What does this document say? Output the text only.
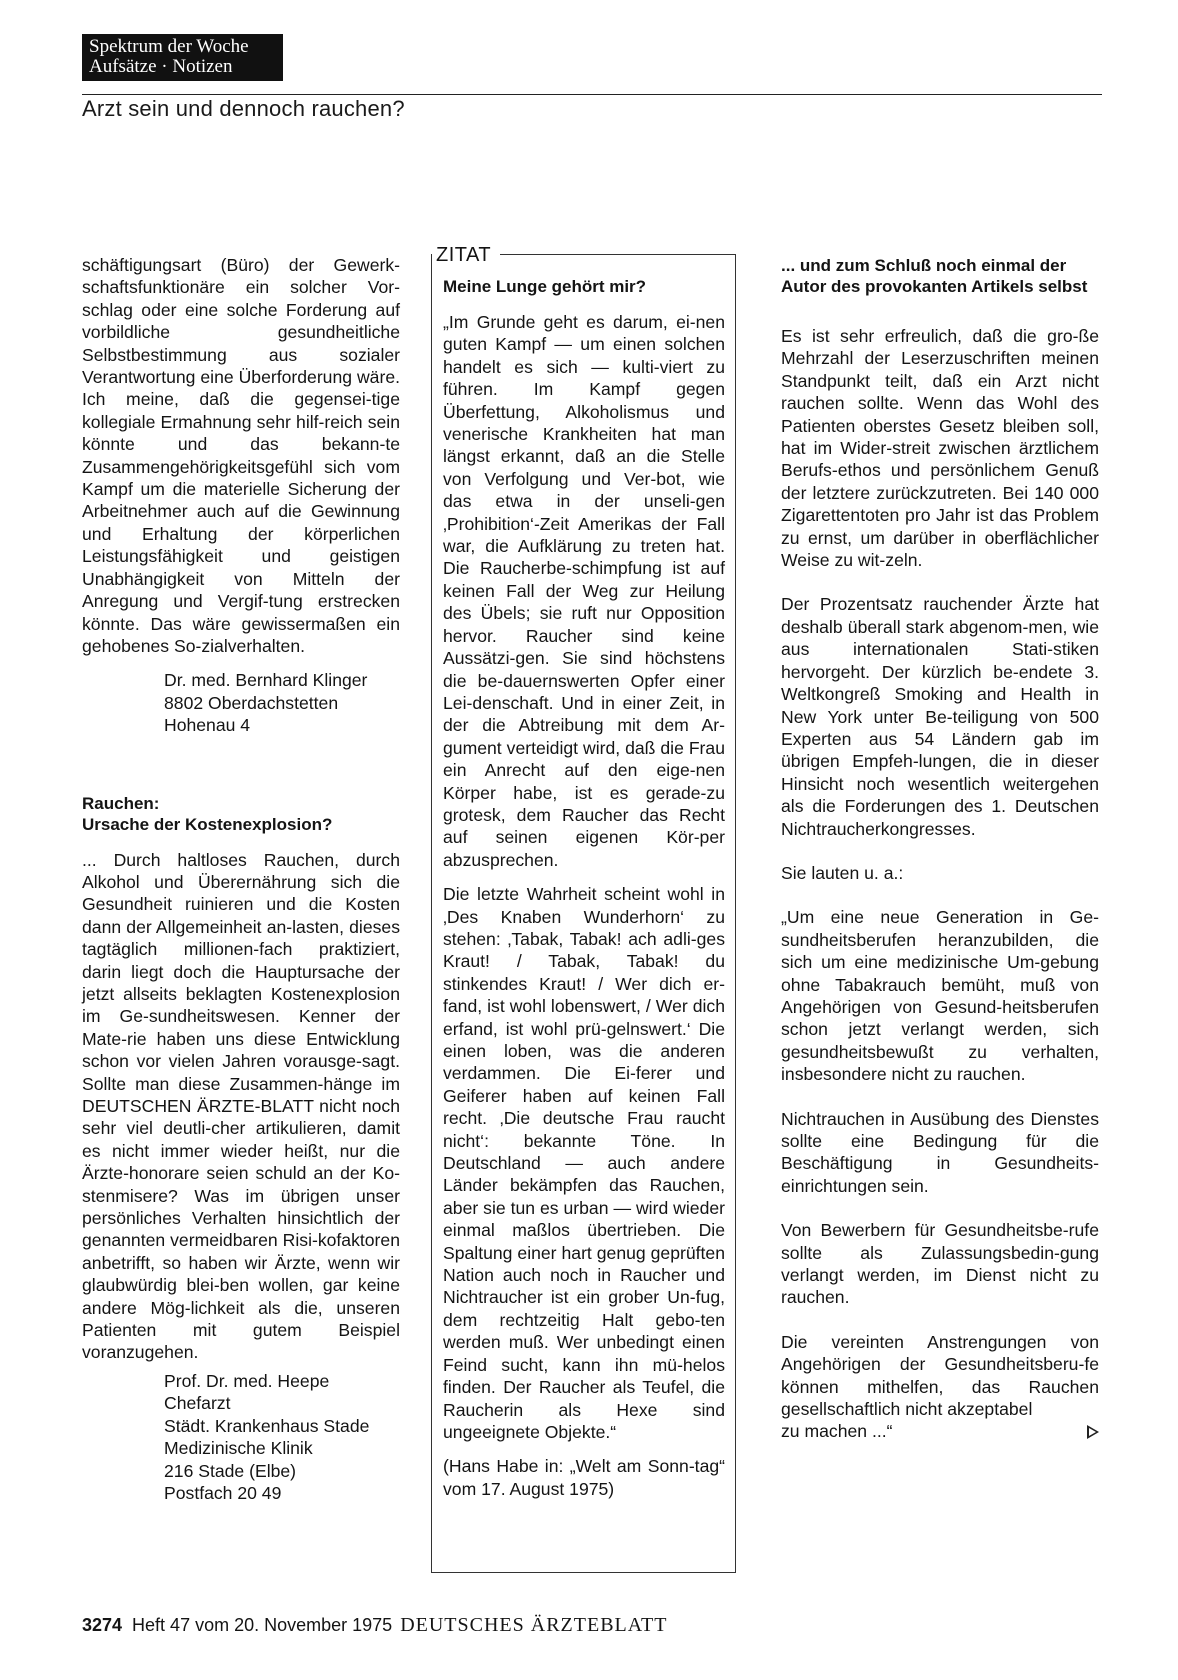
Spektrum der Woche
Aufsätze · Notizen
Arzt sein und dennoch rauchen?

schäftigungsart (Büro) der Gewerk-schaftsfunktionäre ein solcher Vor-schlag oder eine solche Forderung auf vorbildliche gesundheitliche Selbstbestimmung aus sozialer Verantwortung eine Überforderung wäre. Ich meine, daß die gegensei-tige kollegiale Ermahnung sehr hilf-reich sein könnte und das bekann-te Zusammengehörigkeitsgefühl sich vom Kampf um die materielle Sicherung der Arbeitnehmer auch auf die Gewinnung und Erhaltung der körperlichen Leistungsfähigkeit und geistigen Unabhängigkeit von Mitteln der Anregung und Vergif-tung erstrecken könnte. Das wäre gewissermaßen ein gehobenes So-zialverhalten.

Dr. med. Bernhard Klinger
8802 Oberdachstetten
Hohenau 4
Rauchen:
Ursache der Kostenexplosion?

... Durch haltloses Rauchen, durch Alkohol und Überernährung sich die Gesundheit ruinieren und die Kosten dann der Allgemeinheit an-lasten, dieses tagtäglich millionen-fach praktiziert, darin liegt doch die Hauptursache der jetzt allseits beklagten Kostenexplosion im Ge-sundheitswesen. Kenner der Mate-rie haben uns diese Entwicklung schon vor vielen Jahren vorausge-sagt. Sollte man diese Zusammen-hänge im DEUTSCHEN ÄRZTE-BLATT nicht noch sehr viel deutli-cher artikulieren, damit es nicht immer wieder heißt, nur die Ärzte-honorare seien schuld an der Ko-stenmisere? Was im übrigen unser persönliches Verhalten hinsichtlich der genannten vermeidbaren Risi-kofaktoren anbetrifft, so haben wir Ärzte, wenn wir glaubwürdig blei-ben wollen, gar keine andere Mög-lichkeit als die, unseren Patienten mit gutem Beispiel voranzugehen.

Prof. Dr. med. Heepe
Chefarzt
Städt. Krankenhaus Stade
Medizinische Klinik
216 Stade (Elbe)
Postfach 20 49
ZITAT
Meine Lunge gehört mir?

„Im Grunde geht es darum, ei-nen guten Kampf — um einen solchen handelt es sich — kulti-viert zu führen. Im Kampf gegen Überfettung, Alkoholismus und venerische Krankheiten hat man längst erkannt, daß an die Stelle von Verfolgung und Ver-bot, wie das etwa in der unseli-gen ‚Prohibition‘-Zeit Amerikas der Fall war, die Aufklärung zu treten hat. Die Raucherbe-schimpfung ist auf keinen Fall der Weg zur Heilung des Übels; sie ruft nur Opposition hervor. Raucher sind keine Aussätzi-gen. Sie sind höchstens die be-dauernswerten Opfer einer Lei-denschaft. Und in einer Zeit, in der die Abtreibung mit dem Ar-gument verteidigt wird, daß die Frau ein Anrecht auf den eige-nen Körper habe, ist es gerade-zu grotesk, dem Raucher das Recht auf seinen eigenen Kör-per abzusprechen.

Die letzte Wahrheit scheint wohl in ‚Des Knaben Wunderhorn‘ zu stehen: ‚Tabak, Tabak! ach adli-ges Kraut! / Tabak, Tabak! du stinkendes Kraut! / Wer dich er-fand, ist wohl lobenswert, / Wer dich erfand, ist wohl prü-gelnswert.‘ Die einen loben, was die anderen verdammen. Die Ei-ferer und Geiferer haben auf keinen Fall recht. ‚Die deutsche Frau raucht nicht‘: bekannte Töne. In Deutschland — auch andere Länder bekämpfen das Rauchen, aber sie tun es urban — wird wieder einmal maßlos übertrieben. Die Spaltung einer hart genug geprüften Nation auch noch in Raucher und Nichtraucher ist ein grober Un-fug, dem rechtzeitig Halt gebo-ten werden muß. Wer unbedingt einen Feind sucht, kann ihn mü-helos finden. Der Raucher als Teufel, die Raucherin als Hexe sind ungeeignete Objekte.“

(Hans Habe in: „Welt am Sonn-tag“ vom 17. August 1975)

... und zum Schluß noch einmal der Autor des provokanten Artikels selbst

Es ist sehr erfreulich, daß die gro-ße Mehrzahl der Leserzuschriften meinen Standpunkt teilt, daß ein Arzt nicht rauchen sollte. Wenn das Wohl des Patienten oberstes Gesetz bleiben soll, hat im Wider-streit zwischen ärztlichem Berufs-ethos und persönlichem Genuß der letztere zurückzutreten. Bei 140 000 Zigarettentoten pro Jahr ist das Problem zu ernst, um darüber in oberflächlicher Weise zu wit-zeln.

Der Prozentsatz rauchender Ärzte hat deshalb überall stark abgenom-men, wie aus internationalen Stati-stiken hervorgeht. Der kürzlich be-endete 3. Weltkongreß Smoking and Health in New York unter Be-teiligung von 500 Experten aus 54 Ländern gab im übrigen Empfeh-lungen, die in dieser Hinsicht noch wesentlich weitergehen als die Forderungen des 1. Deutschen Nichtraucherkongresses.

Sie lauten u. a.:

„Um eine neue Generation in Ge-sundheitsberufen heranzubilden, die sich um eine medizinische Um-gebung ohne Tabakrauch bemüht, muß von Angehörigen von Gesund-heitsberufen schon jetzt verlangt werden, sich gesundheitsbewußt zu verhalten, insbesondere nicht zu rauchen.

Nichtrauchen in Ausübung des Dienstes sollte eine Bedingung für die Beschäftigung in Gesundheits-einrichtungen sein.

Von Bewerbern für Gesundheitsbe-rufe sollte als Zulassungsbedin-gung verlangt werden, im Dienst nicht zu rauchen.

Die vereinten Anstrengungen von Angehörigen der Gesundheitsberu-fe können mithelfen, das Rauchen gesellschaftlich nicht akzeptabel

zu machen ...“
3274 Heft 47 vom 20. November 1975 DEUTSCHES ÄRZTEBLATT
